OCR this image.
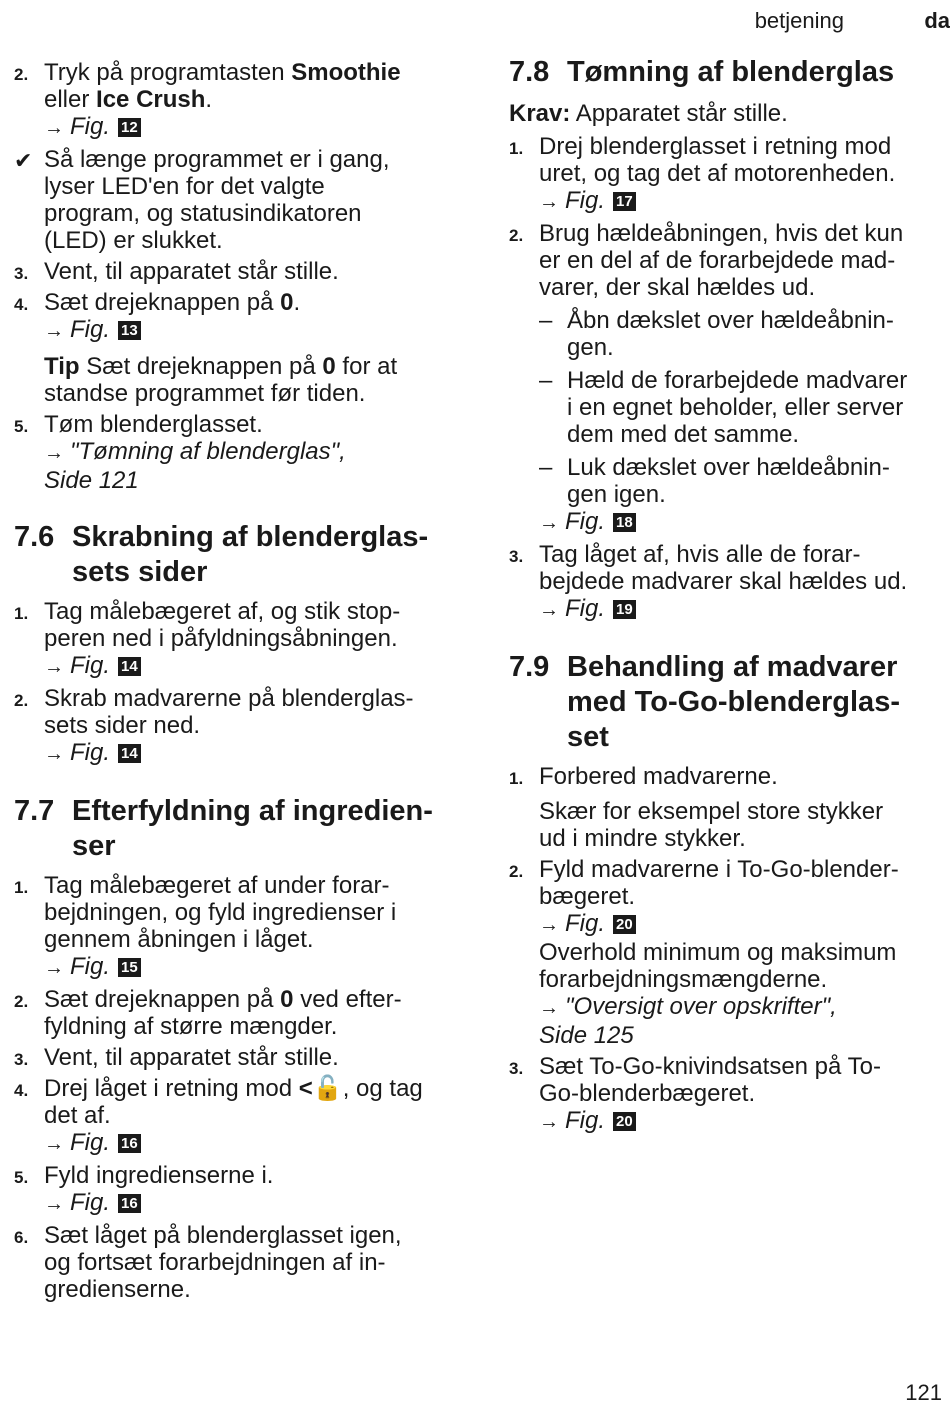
betjening	da
2. Tryk på programtasten Smoothie
eller Ice Crush.
→ Fig. 12
✔ Så længe programmet er i gang,
lyser LED'en for det valgte
program, og statusindikatoren
(LED) er slukket.
3. Vent, til apparatet står stille.
4. Sæt drejeknappen på 0.
→ Fig. 13
Tip Sæt drejeknappen på 0 for at
standse programmet før tiden.
5. Tøm blenderglasset.
→ "Tømning af blenderglas",
Side 121
7.6 Skrabning af blenderglas-
sets sider
1. Tag målebægeret af, og stik stop-
peren ned i påfyldningsåbningen.
→ Fig. 14
2. Skrab madvarerne på blenderglas-
sets sider ned.
→ Fig. 14
7.7 Efterfyldning af ingredien-
ser
1. Tag målebægeret af under forar-
bejdningen, og fyld ingredienser i
gennem åbningen i låget.
→ Fig. 15
2. Sæt drejeknappen på 0 ved efter-
fyldning af større mængder.
3. Vent, til apparatet står stille.
4. Drej låget i retning mod <🔓, og tag
det af.
→ Fig. 16
5. Fyld ingredienserne i.
→ Fig. 16
6. Sæt låget på blenderglasset igen,
og fortsæt forarbejdningen af in-
gredienserne.
7.8 Tømning af blenderglas
Krav: Apparatet står stille.
1. Drej blenderglasset i retning mod
uret, og tag det af motorenheden.
→ Fig. 17
2. Brug hældeåbningen, hvis det kun
er en del af de forarbejdede mad-
varer, der skal hældes ud.
– Åbn dækslet over hældeåbnin-
gen.
– Hæld de forarbejdede madvarer
i en egnet beholder, eller server
dem med det samme.
– Luk dækslet over hældeåbnin-
gen igen.
→ Fig. 18
3. Tag låget af, hvis alle de forar-
bejdede madvarer skal hældes ud.
→ Fig. 19
7.9 Behandling af madvarer
med To-Go-blenderglas-
set
1. Forbered madvarerne.
Skær for eksempel store stykker
ud i mindre stykker.
2. Fyld madvarerne i To-Go-blender-
bægeret.
→ Fig. 20
Overhold minimum og maksimum
forarbejdningsmængderne.
→ "Oversigt over opskrifter",
Side 125
3. Sæt To-Go-knivindsatsen på To-
Go-blenderbægeret.
→ Fig. 20
121
